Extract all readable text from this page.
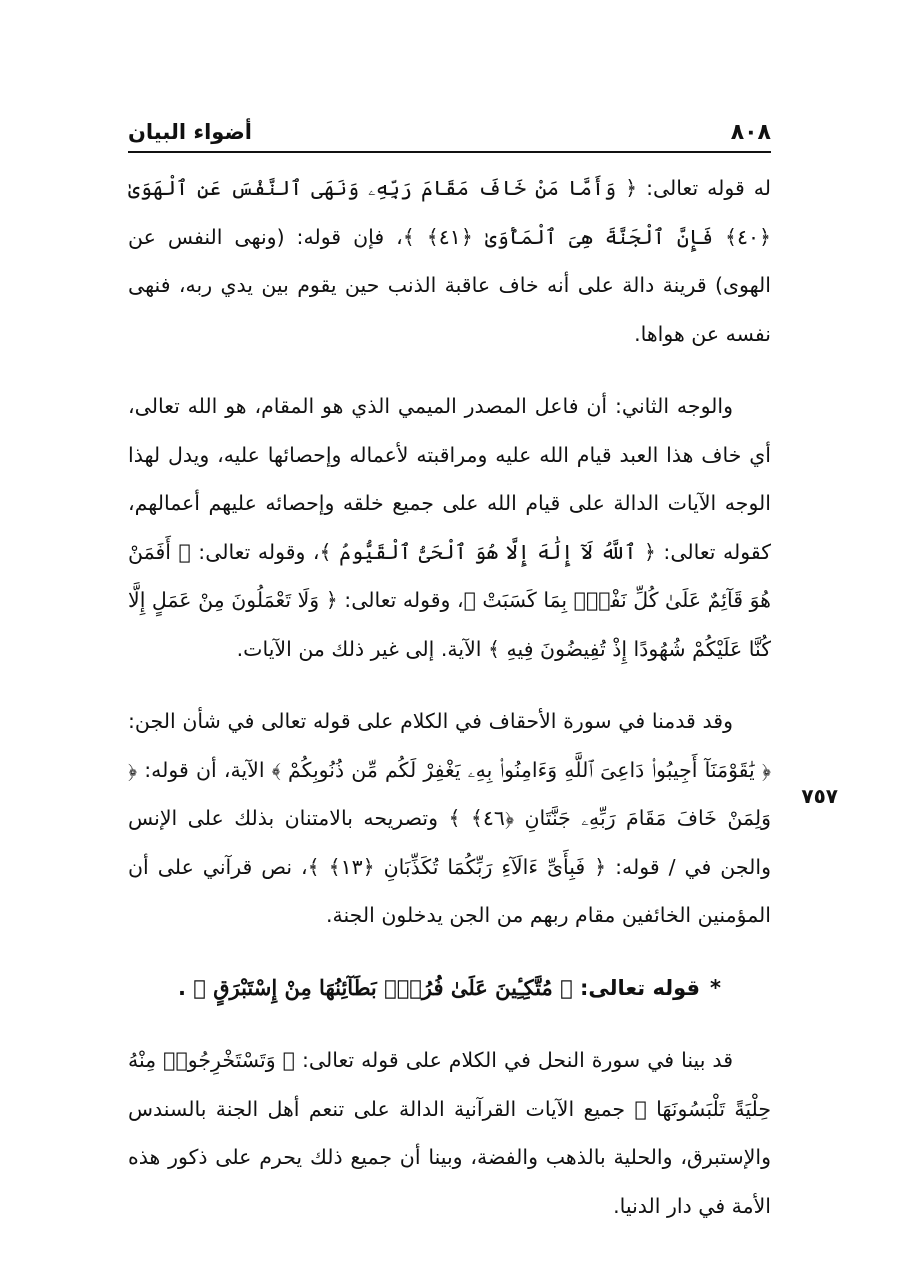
٨٠٨
أضواء البيان
٧٥٧

له قوله تعالى: ﴿ وَأَمَّا مَنْ خَافَ مَقَامَ رَبِّهِۦ وَنَهَى ٱلنَّفْسَ عَنِ ٱلْهَوَىٰ ﴿٤٠﴾ فَإِنَّ ٱلْجَنَّةَ هِىَ ٱلْمَأْوَىٰ ﴿٤١﴾ ﴾، فإن قوله: (ونهى النفس عن الهوى) قرينة دالة على أنه خاف عاقبة الذنب حين يقوم بين يدي ربه، فنهى نفسه عن هواها.

والوجه الثاني: أن فاعل المصدر الميمي الذي هو المقام، هو الله تعالى، أي خاف هذا العبد قيام الله عليه ومراقبته لأعماله وإحصائها عليه، ويدل لهذا الوجه الآيات الدالة على قيام الله على جميع خلقه وإحصائه عليهم أعمالهم، كقوله تعالى: ﴿ ٱللَّهُ لَآ إِلَٰهَ إِلَّا هُوَ ٱلْحَىُّ ٱلْقَيُّومُ ﴾، وقوله تعالى: ﴿ أَفَمَنْ هُوَ قَآئِمٌ عَلَىٰ كُلِّ نَفْسٍۭ بِمَا كَسَبَتْ ﴾، وقوله تعالى: ﴿ وَلَا تَعْمَلُونَ مِنْ عَمَلٍ إِلَّا كُنَّا عَلَيْكُمْ شُهُودًا إِذْ تُفِيضُونَ فِيهِ ﴾ الآية. إلى غير ذلك من الآيات.

وقد قدمنا في سورة الأحقاف في الكلام على قوله تعالى في شأن الجن: ﴿ يَٰقَوْمَنَآ أَجِيبُوا۟ دَاعِىَ ٱللَّهِ وَءَامِنُوا۟ بِهِۦ يَغْفِرْ لَكُم مِّن ذُنُوبِكُمْ ﴾ الآية، أن قوله: ﴿ وَلِمَنْ خَافَ مَقَامَ رَبِّهِۦ جَنَّتَانِ ﴿٤٦﴾ ﴾ وتصريحه بالامتنان بذلك على الإنس والجن في / قوله: ﴿ فَبِأَىِّ ءَالَآءِ رَبِّكُمَا تُكَذِّبَانِ ﴿١٣﴾ ﴾، نص قرآني على أن المؤمنين الخائفين مقام ربهم من الجن يدخلون الجنة.

*قوله تعالى: ﴿ مُتَّكِـِٔينَ عَلَىٰ فُرُشٍۭ بَطَآئِنُهَا مِنْ إِسْتَبْرَقٍ ﴾ .

قد بينا في سورة النحل في الكلام على قوله تعالى: ﴿ وَتَسْتَخْرِجُوا۟ مِنْهُ حِلْيَةً تَلْبَسُونَهَا ﴾ جميع الآيات القرآنية الدالة على تنعم أهل الجنة بالسندس والإستبرق، والحلية بالذهب والفضة، وبينا أن جميع ذلك يحرم على ذكور هذه الأمة في دار الدنيا.
